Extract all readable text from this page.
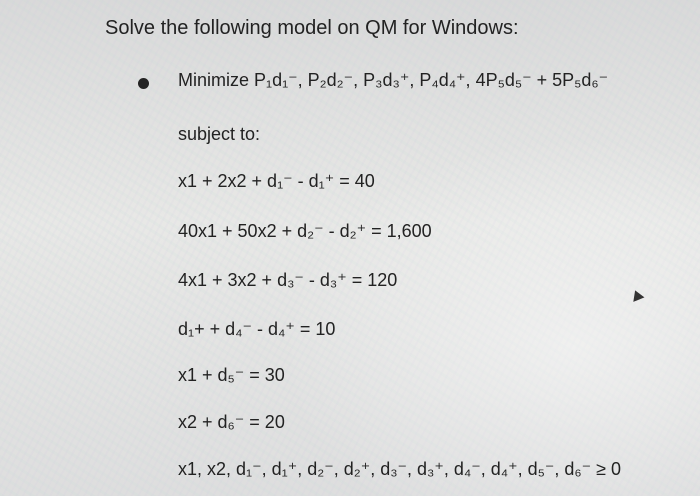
Solve the following model on QM for Windows:
Minimize P₁d₁⁻, P₂d₂⁻, P₃d₃⁺, P₄d₄⁺, 4P₅d₅⁻ + 5P₅d₆⁻
subject to:
x1 + 2x2 + d₁⁻ - d₁⁺ = 40
40x1 + 50x2 + d₂⁻ - d₂⁺ = 1,600
4x1 + 3x2 + d₃⁻ - d₃⁺ = 120
d₁+ + d₄⁻ - d₄⁺ = 10
x1 + d₅⁻ = 30
x2 + d₆⁻ = 20
x1, x2, d₁⁻, d₁⁺, d₂⁻, d₂⁺, d₃⁻, d₃⁺, d₄⁻, d₄⁺, d₅⁻, d₆⁻ ≥ 0
